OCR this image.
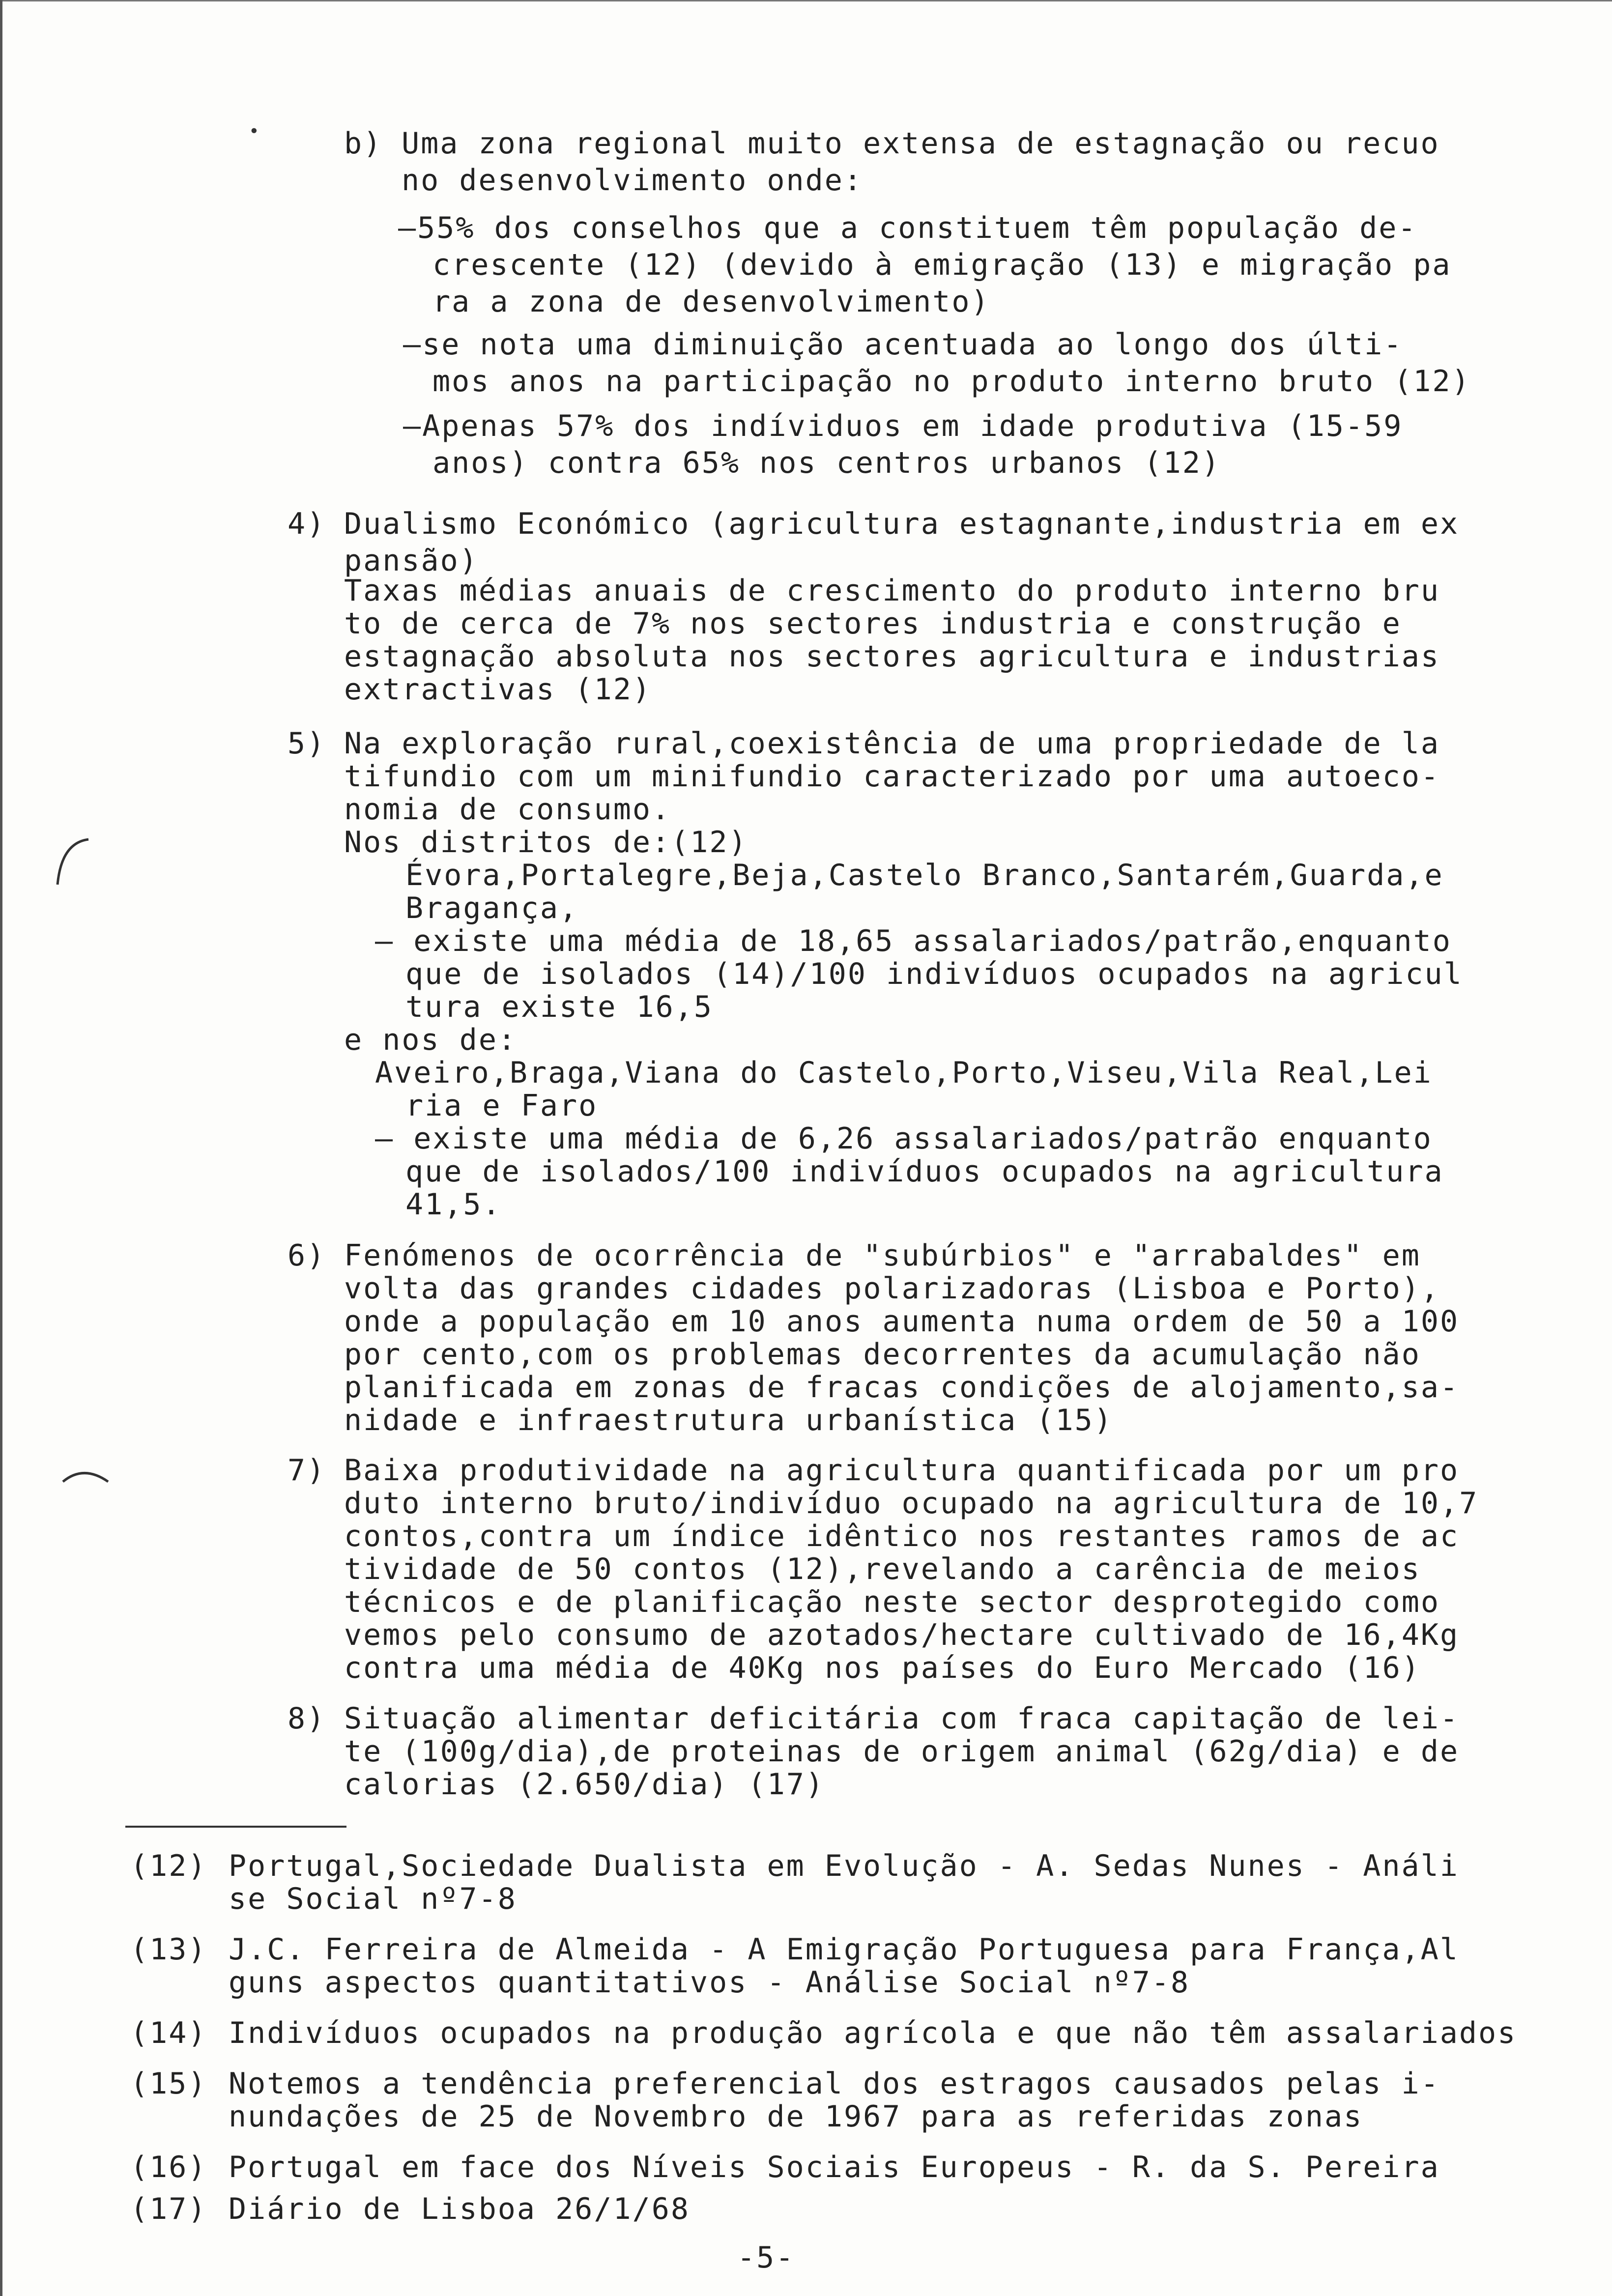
•	b) Uma zona regional muito extensa de estagnação ou recuo
no desenvolvimento onde:
—55% dos conselhos que a constituem têm população de-
crescente (12) (devido à emigração (13) e migração pa
ra a zona de desenvolvimento)
—se nota uma diminuição acentuada ao longo dos últi-
mos anos na participação no produto interno bruto (12)
—Apenas 57% dos indíviduos em idade produtiva (15-59
anos) contra 65% nos centros urbanos (12)
4) Dualismo Económico (agricultura estagnante,industria em ex
pansão)
Taxas médias anuais de crescimento do produto interno bru
to de cerca de 7% nos sectores industria e construção e
estagnação absoluta nos sectores agricultura e industrias
extractivas (12)
5) Na exploração rural,coexistência de uma propriedade de la
tifundio com um minifundio caracterizado por uma autoeco-
nomia de consumo.
Nos distritos de:(12)
Évora,Portalegre,Beja,Castelo Branco,Santarém,Guarda,e
Bragança,
— existe uma média de 18,65 assalariados/patrão,enquanto
que de isolados (14)/100 indivíduos ocupados na agricul
tura existe 16,5
e nos de:
Aveiro,Braga,Viana do Castelo,Porto,Viseu,Vila Real,Lei
ria e Faro
— existe uma média de 6,26 assalariados/patrão enquanto
que de isolados/100 indivíduos ocupados na agricultura
41,5.
6) Fenómenos de ocorrência de "subúrbios" e "arrabaldes" em
volta das grandes cidades polarizadoras (Lisboa e Porto),
onde a população em 10 anos aumenta numa ordem de 50 a 100
por cento,com os problemas decorrentes da acumulação não
planificada em zonas de fracas condições de alojamento,sa-
nidade e infraestrutura urbanística (15)
7) Baixa produtividade na agricultura quantificada por um pro
duto interno bruto/indivíduo ocupado na agricultura de 10,7
contos,contra um índice idêntico nos restantes ramos de ac
tividade de 50 contos (12),revelando a carência de meios
técnicos e de planificação neste sector desprotegido como
vemos pelo consumo de azotados/hectare cultivado de 16,4Kg
contra uma média de 40Kg nos países do Euro Mercado (16)
8) Situação alimentar deficitária com fraca capitação de lei-
te (100g/dia),de proteinas de origem animal (62g/dia) e de
calorias (2.650/dia) (17)
(12) Portugal,Sociedade Dualista em Evolução - A. Sedas Nunes - Análi
se Social nº7-8
(13) J.C. Ferreira de Almeida - A Emigração Portuguesa para França,Al
guns aspectos quantitativos - Análise Social nº7-8
(14) Indivíduos ocupados na produção agrícola e que não têm assalariados
(15) Notemos a tendência preferencial dos estragos causados pelas i-
nundações de 25 de Novembro de 1967 para as referidas zonas
(16) Portugal em face dos Níveis Sociais Europeus - R. da S. Pereira
(17) Diário de Lisboa 26/1/68
-5-
